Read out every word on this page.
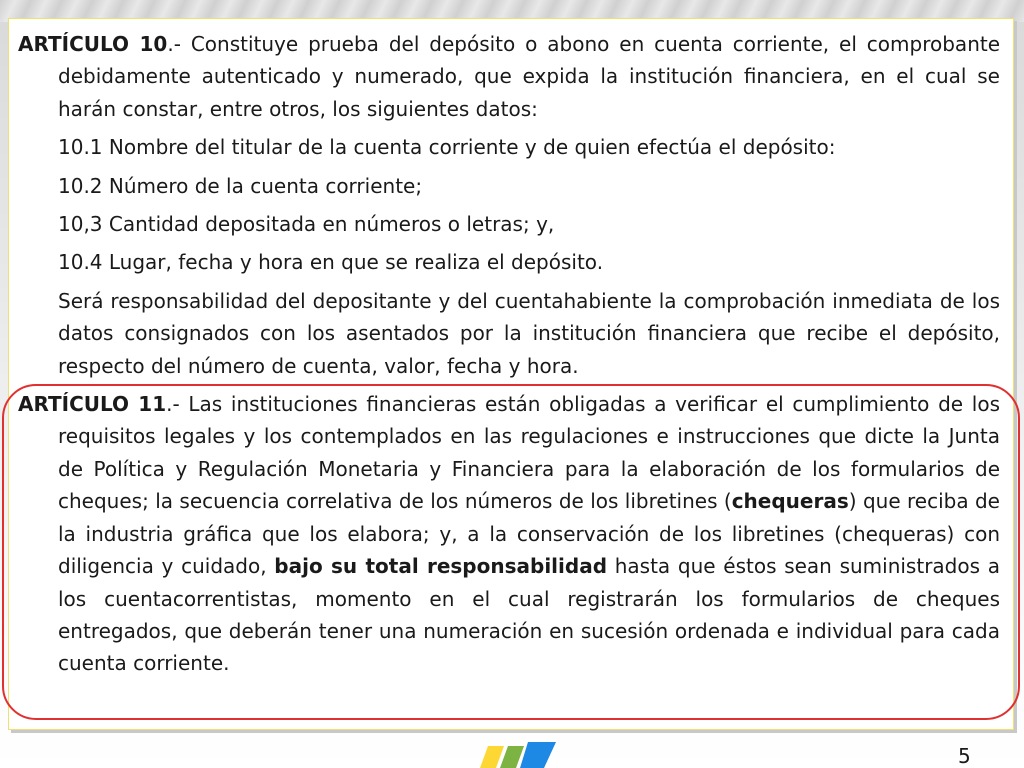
ARTÍCULO 10.- Constituye prueba del depósito o abono en cuenta corriente, el comprobante debidamente autenticado y numerado, que expida la institución financiera, en el cual se harán constar, entre otros, los siguientes datos:

10.1 Nombre del titular de la cuenta corriente y de quien efectúa el depósito:

10.2 Número de la cuenta corriente;

10,3 Cantidad depositada en números o letras; y,

10.4 Lugar, fecha y hora en que se realiza el depósito.

Será responsabilidad del depositante y del cuentahabiente la comprobación inmediata de los datos consignados con los asentados por la institución financiera que recibe el depósito, respecto del número de cuenta, valor, fecha y hora.

ARTÍCULO 11.- Las instituciones financieras están obligadas a verificar el cumplimiento de los requisitos legales y los contemplados en las regulaciones e instrucciones que dicte la Junta de Política y Regulación Monetaria y Financiera para la elaboración de los formularios de cheques; la secuencia correlativa de los números de los libretines (chequeras) que reciba de la industria gráfica que los elabora; y, a la conservación de los libretines (chequeras) con diligencia y cuidado, bajo su total responsabilidad hasta que éstos sean suministrados a los cuentacorrentistas, momento en el cual registrarán los formularios de cheques entregados, que deberán tener una numeración en sucesión ordenada e individual para cada cuenta corriente.

5
